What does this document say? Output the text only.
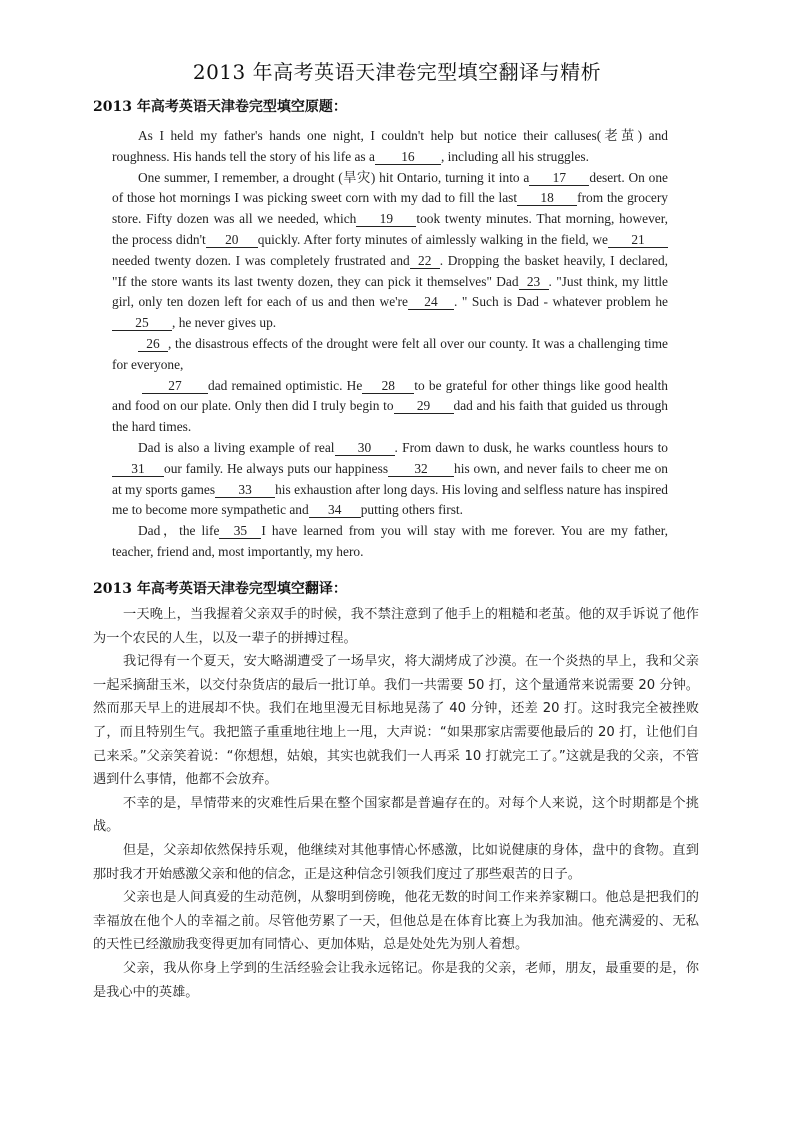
2013 年高考英语天津卷完型填空翻译与精析
2013 年高考英语天津卷完型填空原题：

As I held my father's hands one night, I couldn't help but notice their calluses(老茧) and roughness. His hands tell the story of his life as a 16 , including all his struggles.

One summer, I remember, a drought (旱灾) hit Ontario, turning it into a 17 desert. On one of those hot mornings I was picking sweet corn with my dad to fill the last 18 from the grocery store. Fifty dozen was all we needed, which 19 took twenty minutes. That morning, however, the process didn't 20 quickly. After forty minutes of aimlessly walking in the field, we 21needed twenty dozen. I was completely frustrated and 22 . Dropping the basket heavily, I declared, "If the store wants its last twenty dozen, they can pick it themselves" Dad 23 . "Just think, my little girl, only ten dozen left for each of us and then we're 24 . " Such is Dad - whatever problem he25 , he never gives up.

26 , the disastrous effects of the drought were felt all over our county. It was a challenging time for everyone,

27 dad remained optimistic. He 28 to be grateful for other things like good health and food on our plate. Only then did I truly begin to 29 dad and his faith that guided us through the hard times.

Dad is also a living example of real 30 . From dawn to dusk, he warks countless hours to31 our family. He always puts our happiness 32 his own, and never fails to cheer me on at my sports games 33 his exhaustion after long days. His loving and selfless nature has inspired me to become more sympathetic and 34 putting others first.

Dad，the life 35 I have learned from you will stay with me forever. You are my father, teacher, friend and, most importantly, my hero.

2013 年高考英语天津卷完型填空翻译：

一天晚上，当我握着父亲双手的时候，我不禁注意到了他手上的粗糙和老茧。他的双手诉说了他作为一个农民的人生，以及一辈子的拼搏过程。

我记得有一个夏天，安大略湖遭受了一场旱灾，将大湖烤成了沙漠。在一个炎热的早上，我和父亲一起采摘甜玉米，以交付杂货店的最后一批订单。我们一共需要 50 打，这个量通常来说需要 20 分钟。然而那天早上的进展却不快。我们在地里漫无目标地晃荡了 40 分钟，还差 20 打。这时我完全被挫败了，而且特别生气。我把篮子重重地往地上一甩，大声说：“如果那家店需要他最后的 20 打，让他们自己来采。”父亲笑着说：“你想想，姑娘，其实也就我们一人再采 10 打就完工了。”这就是我的父亲，不管遇到什么事情，他都不会放弃。

不幸的是，旱情带来的灾难性后果在整个国家都是普遍存在的。对每个人来说，这个时期都是个挑战。

但是，父亲却依然保持乐观，他继续对其他事情心怀感激，比如说健康的身体，盘中的食物。直到那时我才开始感激父亲和他的信念，正是这种信念引领我们度过了那些艰苦的日子。

父亲也是人间真爱的生动范例，从黎明到傍晚，他花无数的时间工作来养家糊口。他总是把我们的幸福放在他个人的幸福之前。尽管他劳累了一天，但他总是在体育比赛上为我加油。他充满爱的、无私的天性已经激励我变得更加有同情心、更加体贴，总是处处先为别人着想。

父亲，我从你身上学到的生活经验会让我永远铭记。你是我的父亲，老师，朋友，最重要的是，你是我心中的英雄。
